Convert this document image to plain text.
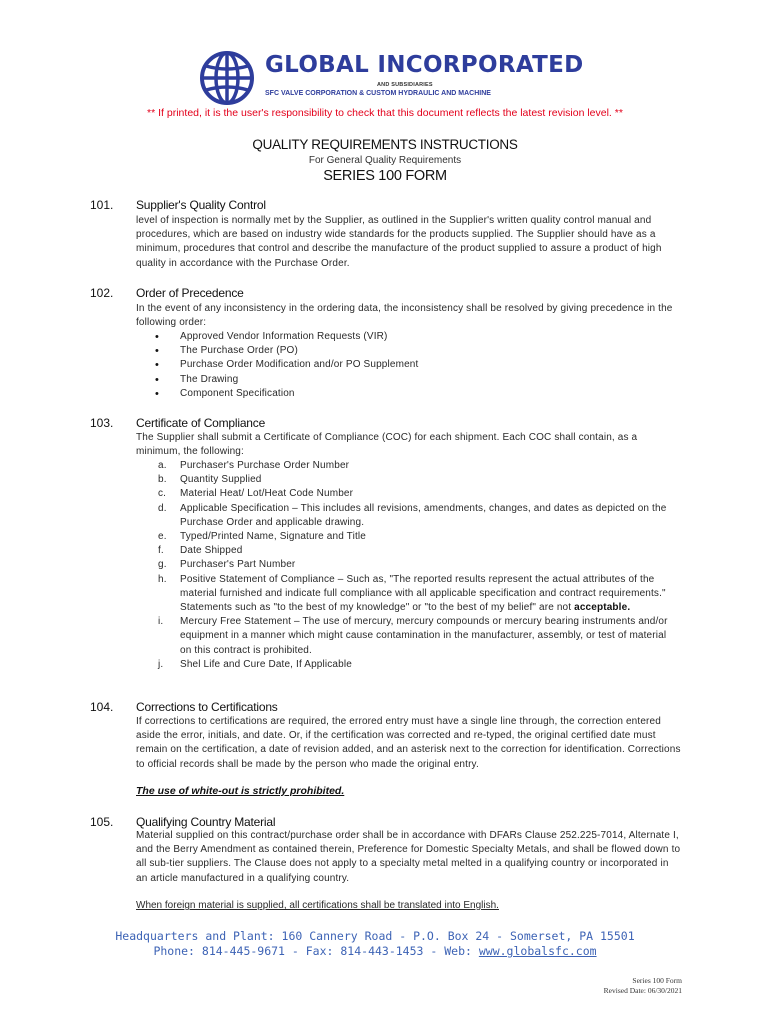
GLOBAL INCORPORATED
AND SUBSIDIARIES
SFC VALVE CORPORATION & CUSTOM HYDRAULIC AND MACHINE
** If printed, it is the user's responsibility to check that this document reflects the latest revision level. **
QUALITY REQUIREMENTS INSTRUCTIONS
For General Quality Requirements
SERIES 100 FORM
101. Supplier's Quality Control
level of inspection is normally met by the Supplier, as outlined in the Supplier's written quality control manual and procedures, which are based on industry wide standards for the products supplied. The Supplier should have as a minimum, procedures that control and describe the manufacture of the product supplied to assure a product of high quality in accordance with the Purchase Order.
102. Order of Precedence
In the event of any inconsistency in the ordering data, the inconsistency shall be resolved by giving precedence in the following order:
• Approved Vendor Information Requests (VIR)
• The Purchase Order (PO)
• Purchase Order Modification and/or PO Supplement
• The Drawing
• Component Specification
103. Certificate of Compliance
The Supplier shall submit a Certificate of Compliance (COC) for each shipment. Each COC shall contain, as a minimum, the following:
a. Purchaser's Purchase Order Number
b. Quantity Supplied
c. Material Heat/ Lot/Heat Code Number
d. Applicable Specification – This includes all revisions, amendments, changes, and dates as depicted on the Purchase Order and applicable drawing.
e. Typed/Printed Name, Signature and Title
f. Date Shipped
g. Purchaser's Part Number
h. Positive Statement of Compliance – Such as, "The reported results represent the actual attributes of the material furnished and indicate full compliance with all applicable specification and contract requirements." Statements such as "to the best of my knowledge" or "to the best of my belief" are not acceptable.
i. Mercury Free Statement – The use of mercury, mercury compounds or mercury bearing instruments and/or equipment in a manner which might cause contamination in the manufacturer, assembly, or test of material on this contract is prohibited.
j. Shel Life and Cure Date, If Applicable
104. Corrections to Certifications
If corrections to certifications are required, the errored entry must have a single line through, the correction entered aside the error, initials, and date. Or, if the certification was corrected and re-typed, the original certified date must remain on the certification, a date of revision added, and an asterisk next to the correction for identification. Corrections to official records shall be made by the person who made the original entry.
The use of white-out is strictly prohibited.
105. Qualifying Country Material
Material supplied on this contract/purchase order shall be in accordance with DFARs Clause 252.225-7014, Alternate I, and the Berry Amendment as contained therein, Preference for Domestic Specialty Metals, and shall be flowed down to all sub-tier suppliers. The Clause does not apply to a specialty metal melted in a qualifying country or incorporated in an article manufactured in a qualifying country.
When foreign material is supplied, all certifications shall be translated into English.
Headquarters and Plant: 160 Cannery Road - P.O. Box 24 - Somerset, PA 15501
Phone: 814-445-9671 - Fax: 814-443-1453 - Web: www.globalsfc.com
Series 100 Form
Revised Date: 06/30/2021
